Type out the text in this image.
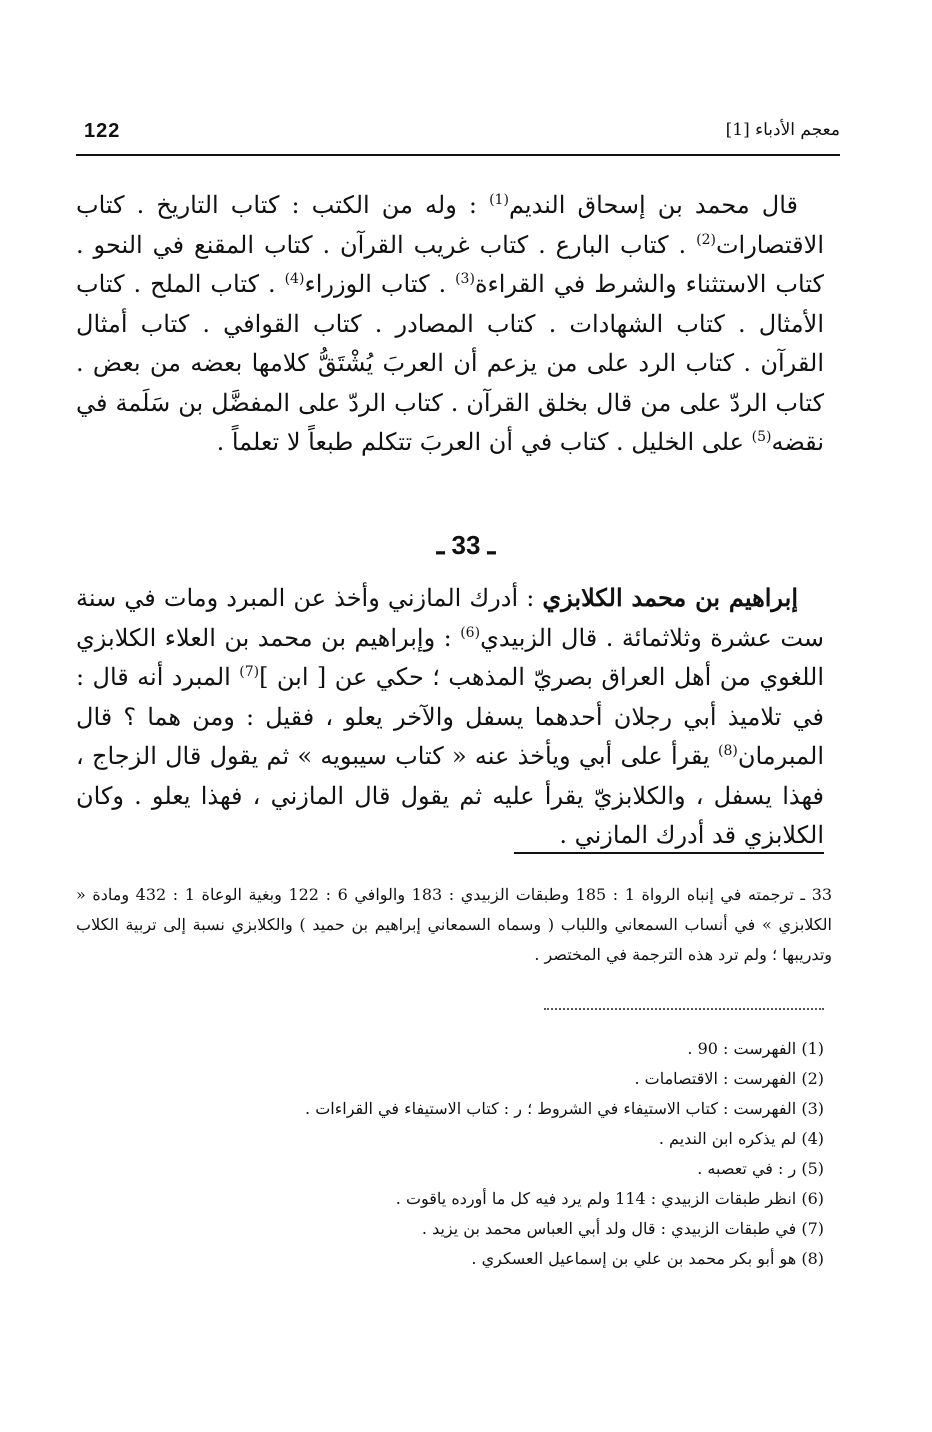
معجم الأدباء [1]
122

قال محمد بن إسحاق النديم$^{(1)}$ : وله من الكتب : كتاب التاريخ . كتاب الاقتصارات$^{(2)}$ . كتاب البارع . كتاب غريب القرآن . كتاب المقنع في النحو . كتاب الاستثناء والشرط في القراءة$^{(3)}$ . كتاب الوزراء$^{(4)}$ . كتاب الملح . كتاب الأمثال . كتاب الشهادات . كتاب المصادر . كتاب القوافي . كتاب أمثال القرآن . كتاب الرد على من يزعم أن العربَ يُشْتَقُّ كلامها بعضه من بعض . كتاب الردّ على من قال بخلق القرآن . كتاب الردّ على المفضَّل بن سَلَمة في نقضه$^{(5)}$ على الخليل . كتاب في أن العربَ تتكلم طبعاً لا تعلماً .

ـ 33 ـ

إبراهيم بن محمد الكلابزي : أدرك المازني وأخذ عن المبرد ومات في سنة ست عشرة وثلاثمائة . قال الزبيدي$^{(6)}$ : وإبراهيم بن محمد بن العلاء الكلابزي اللغوي من أهل العراق بصريّ المذهب ؛ حكي عن [ ابن ]$^{(7)}$ المبرد أنه قال : في تلاميذ أبي رجلان أحدهما يسفل والآخر يعلو ، فقيل : ومن هما ؟ قال المبرمان$^{(8)}$ يقرأ على أبي ويأخذ عنه « كتاب سيبويه » ثم يقول قال الزجاج ، فهذا يسفل ، والكلابزيّ يقرأ عليه ثم يقول قال المازني ، فهذا يعلو . وكان الكلابزي قد أدرك المازني .

33 ـ ترجمته في إنباه الرواة 1 : 185 وطبقات الزبيدي : 183 والوافي 6 : 122 وبغية الوعاة 1 : 432 ومادة « الكلابزي » في أنساب السمعاني واللباب ( وسماه السمعاني إبراهيم بن حميد ) والكلابزي نسبة إلى تربية الكلاب وتدريبها ؛ ولم ترد هذه الترجمة في المختصر .
(1) الفهرست : 90 .
(2) الفهرست : الاقتصامات .
(3) الفهرست : كتاب الاستيفاء في الشروط ؛ ر : كتاب الاستيفاء في القراءات .
(4) لم يذكره ابن النديم .
(5) ر : في تعصبه .
(6) انظر طبقات الزبيدي : 114 ولم يرد فيه كل ما أورده ياقوت .
(7) في طبقات الزبيدي : قال ولد أبي العباس محمد بن يزيد .
(8) هو أبو بكر محمد بن علي بن إسماعيل العسكري .
